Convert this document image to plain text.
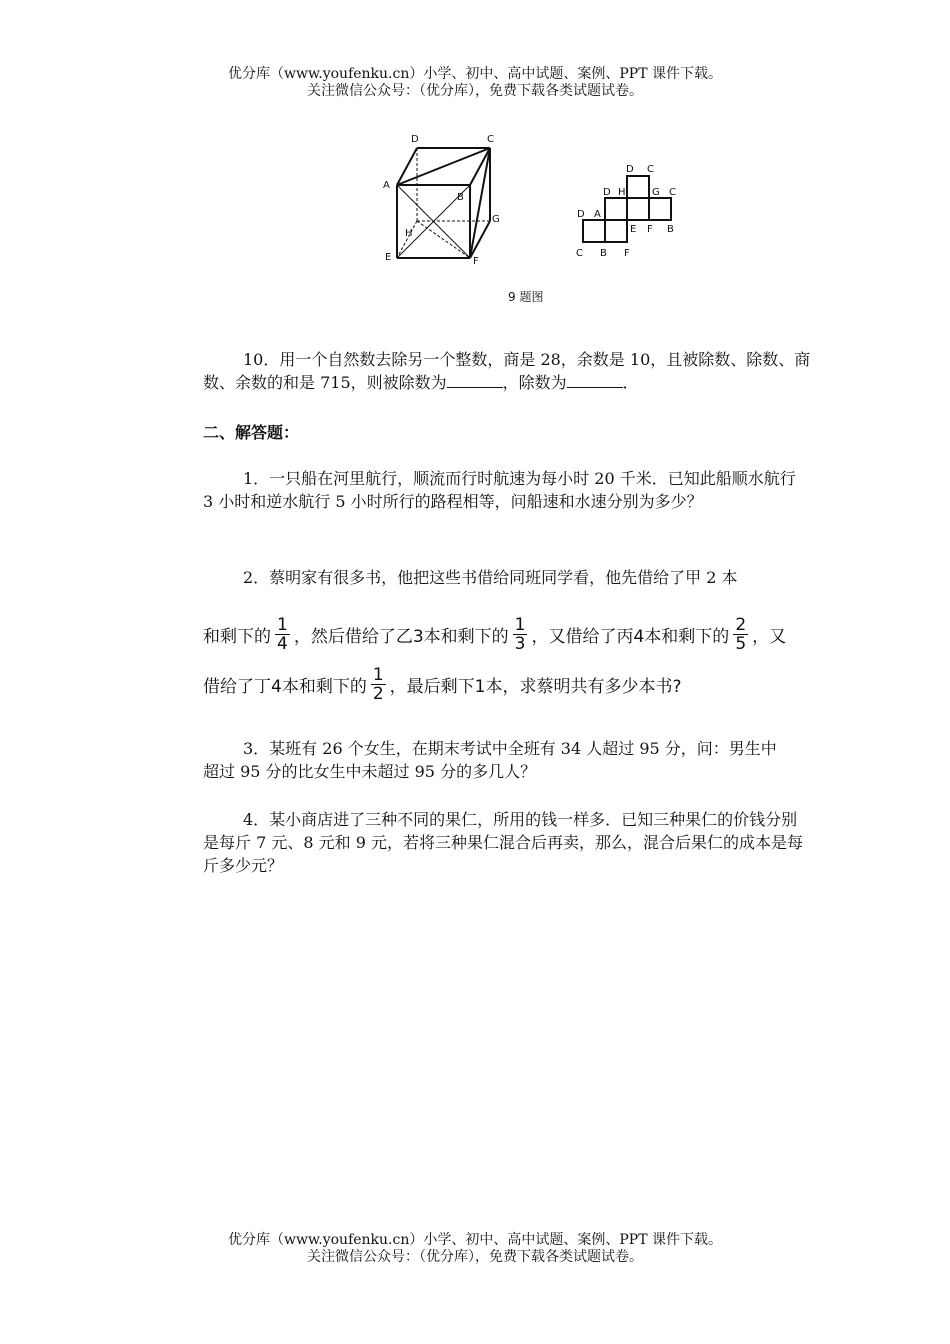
优分库（www.youfenku.cn）小学、初中、高中试题、案例、PPT 课件下载。
关注微信公众号：（优分库），免费下载各类试题试卷。
D	C
A
B
H
G
E	F
D C
D H	G C
D A
E F B
C B F
9 题图
10．用一个自然数去除另一个整数，商是 28，余数是 10，且被除数、除数、商数、余数的和是 715，则被除数为	，除数为	．
二、解答题：
1．一只船在河里航行，顺流而行时航速为每小时 20 千米．已知此船顺水航行 3 小时和逆水航行 5 小时所行的路程相等，问船速和水速分别为多少？
2．蔡明家有很多书，他把这些书借给同班同学看，他先借给了甲 2 本
和剩下的 $\frac{1}{4}$ ，然后借给了乙3本和剩下的 $\frac{1}{3}$ ，又借给了丙4本和剩下的 $\frac{2}{5}$ ，又
借给了丁4本和剩下的 $\frac{1}{2}$ ，最后剩下1本，求蔡明共有多少本书?
3．某班有 26 个女生，在期末考试中全班有 34 人超过 95 分，问：男生中超过 95 分的比女生中未超过 95 分的多几人？
4．某小商店进了三种不同的果仁，所用的钱一样多．已知三种果仁的价钱分别是每斤 7 元、8 元和 9 元，若将三种果仁混合后再卖，那么，混合后果仁的成本是每斤多少元？
优分库（www.youfenku.cn）小学、初中、高中试题、案例、PPT 课件下载。
关注微信公众号：（优分库），免费下载各类试题试卷。
